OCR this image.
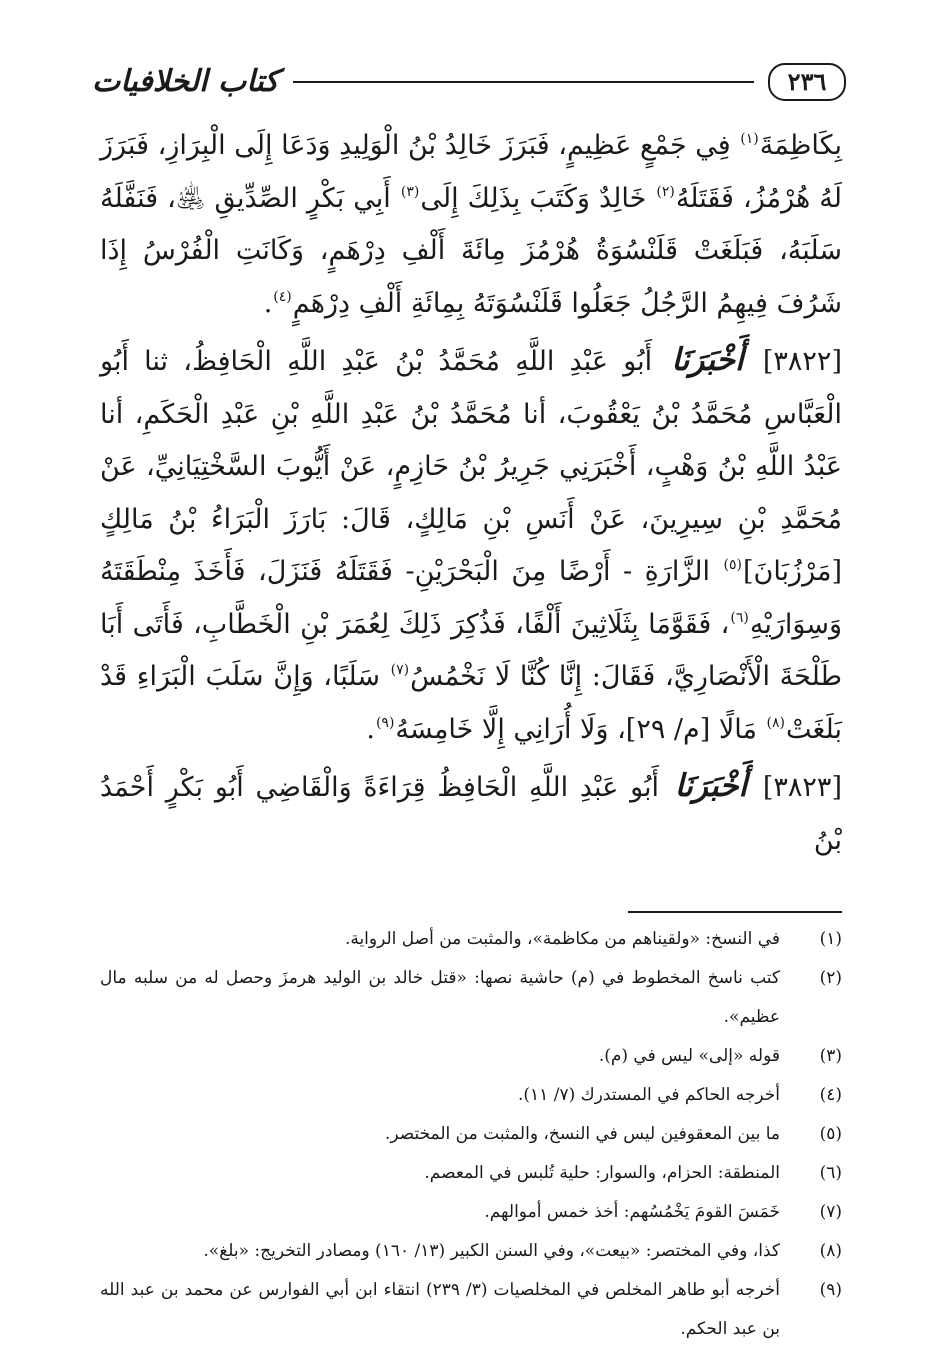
٢٣٦
كتاب الخلافيات

بِكَاظِمَةَ$^{(١)}$ فِي جَمْعٍ عَظِيمٍ، فَبَرَزَ خَالِدُ بْنُ الْوَلِيدِ وَدَعَا إِلَى الْبِرَازِ، فَبَرَزَ لَهُ هُرْمُزُ، فَقَتَلَهُ$^{(٢)}$ خَالِدٌ وَكَتَبَ بِذَلِكَ إِلَى$^{(٣)}$ أَبِي بَكْرٍ الصِّدِّيقِ ﵁، فَنَفَّلَهُ سَلَبَهُ، فَبَلَغَتْ قَلَنْسُوَةُ هُرْمُزَ مِائَةَ أَلْفِ دِرْهَمٍ، وَكَانَتِ الْفُرْسُ إِذَا شَرُفَ فِيهِمُ الرَّجُلُ جَعَلُوا قَلَنْسُوَتَهُ بِمِائَةِ أَلْفِ دِرْهَمٍ$^{(٤)}$.

[٣٨٢٢] أَخْبَرَنَا أَبُو عَبْدِ اللَّهِ مُحَمَّدُ بْنُ عَبْدِ اللَّهِ الْحَافِظُ، ثنا أَبُو الْعَبَّاسِ مُحَمَّدُ بْنُ يَعْقُوبَ، أنا مُحَمَّدُ بْنُ عَبْدِ اللَّهِ بْنِ عَبْدِ الْحَكَمِ، أنا عَبْدُ اللَّهِ بْنُ وَهْبٍ، أَخْبَرَنِي جَرِيرُ بْنُ حَازِمٍ، عَنْ أَيُّوبَ السَّخْتِيَانِيِّ، عَنْ مُحَمَّدِ بْنِ سِيرِينَ، عَنْ أَنَسِ بْنِ مَالِكٍ، قَالَ: بَارَزَ الْبَرَاءُ بْنُ مَالِكٍ [مَرْزُبَانَ]$^{(٥)}$ الزَّارَةِ - أَرْضًا مِنَ الْبَحْرَيْنِ- فَقَتَلَهُ فَنَزَلَ، فَأَخَذَ مِنْطَقَتَهُ وَسِوَارَيْهِ$^{(٦)}$، فَقَوَّمَا بِثَلَاثِينَ أَلْفًا، فَذُكِرَ ذَلِكَ لِعُمَرَ بْنِ الْخَطَّابِ، فَأَتَى أَبَا طَلْحَةَ الْأَنْصَارِيَّ، فَقَالَ: إِنَّا كُنَّا لَا نَخْمُسُ$^{(٧)}$ سَلَبًا، وَإِنَّ سَلَبَ الْبَرَاءِ قَدْ بَلَغَتْ$^{(٨)}$ مَالًا [م/ ٢٩]، وَلَا أُرَانِي إِلَّا خَامِسَهُ$^{(٩)}$.

[٣٨٢٣] أَخْبَرَنَا أَبُو عَبْدِ اللَّهِ الْحَافِظُ قِرَاءَةً وَالْقَاضِي أَبُو بَكْرٍ أَحْمَدُ بْنُ

(١)
في النسخ: «ولقيناهم من مكاظمة»، والمثبت من أصل الرواية.
(٢)
كتب ناسخ المخطوط في (م) حاشية نصها: «قتل خالد بن الوليد هرمزَ وحصل له من سلبه مال عظيم».
(٣)
قوله «إلى» ليس في (م).
(٤)
أخرجه الحاكم في المستدرك (٧/ ١١).
(٥)
ما بين المعقوفين ليس في النسخ، والمثبت من المختصر.
(٦)
المنطقة: الحزام، والسوار: حلية تُلبس في المعصم.
(٧)
خَمَسَ القومَ يَخْمُسُهم: أخذ خمس أموالهم.
(٨)
كذا، وفي المختصر: «بيعت»، وفي السنن الكبير (١٣/ ١٦٠) ومصادر التخريج: «بلغ».
(٩)
أخرجه أبو طاهر المخلص في المخلصيات (٣/ ٢٣٩) انتقاء ابن أبي الفوارس عن محمد بن عبد الله بن عبد الحكم.
